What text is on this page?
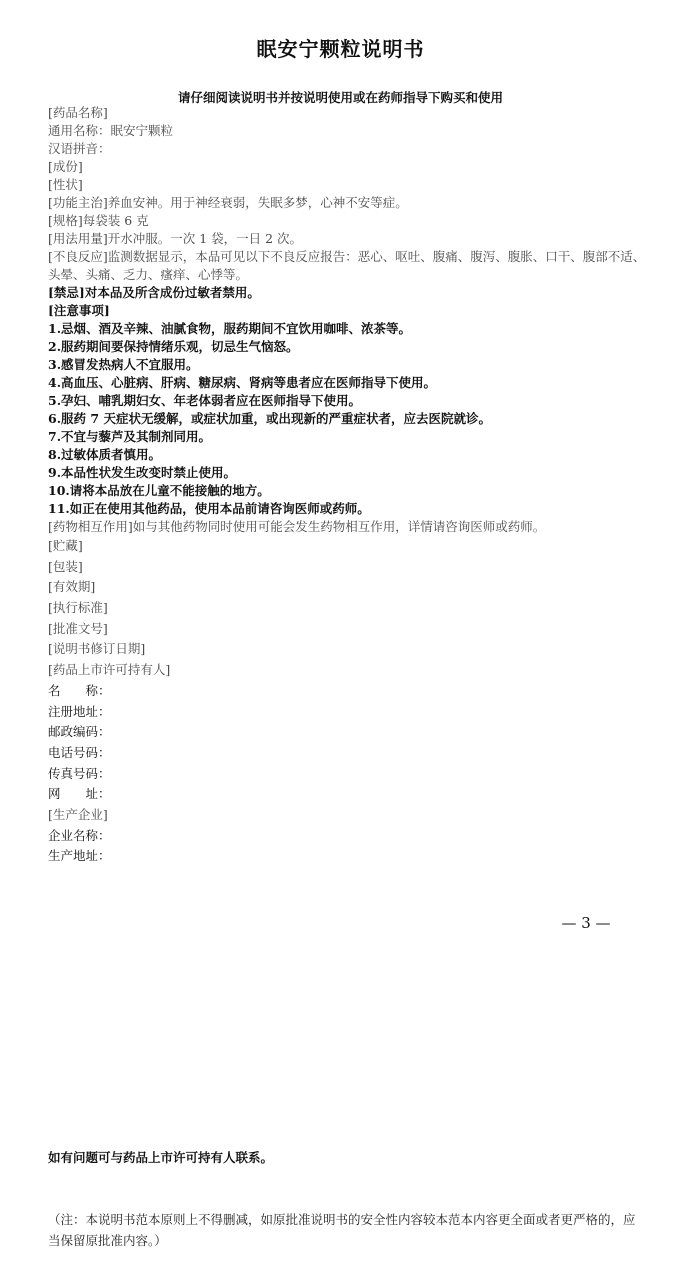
眠安宁颗粒说明书
请仔细阅读说明书并按说明使用或在药师指导下购买和使用
[药品名称]
通用名称：眠安宁颗粒
汉语拼音：
[成份]
[性状]
[功能主治]养血安神。用于神经衰弱，失眠多梦，心神不安等症。
[规格]每袋装 6 克
[用法用量]开水冲服。一次 1 袋，一日 2 次。
[不良反应]监测数据显示，本品可见以下不良反应报告：恶心、呕吐、腹痛、腹泻、腹胀、口干、腹部不适、头晕、头痛、乏力、瘙痒、心悸等。
[禁忌]对本品及所含成份过敏者禁用。
[注意事项]
1.忌烟、酒及辛辣、油腻食物，服药期间不宜饮用咖啡、浓茶等。
2.服药期间要保持情绪乐观，切忌生气恼怒。
3.感冒发热病人不宜服用。
4.高血压、心脏病、肝病、糖尿病、肾病等患者应在医师指导下使用。
5.孕妇、哺乳期妇女、年老体弱者应在医师指导下使用。
6.服药 7 天症状无缓解，或症状加重，或出现新的严重症状者，应去医院就诊。
7.不宜与藜芦及其制剂同用。
8.过敏体质者慎用。
9.本品性状发生改变时禁止使用。
10.请将本品放在儿童不能接触的地方。
11.如正在使用其他药品，使用本品前请咨询医师或药师。
[药物相互作用]如与其他药物同时使用可能会发生药物相互作用，详情请咨询医师或药师。
[贮藏]
[包装]
[有效期]
[执行标准]
[批准文号]
[说明书修订日期]
[药品上市许可持有人]
名　　称：
注册地址：
邮政编码：
电话号码：
传真号码：
网　　址：
[生产企业]
企业名称：
生产地址：
— 3 —
如有问题可与药品上市许可持有人联系。
（注：本说明书范本原则上不得删减，如原批准说明书的安全性内容较本范本内容更全面或者更严格的，应当保留原批准内容。）
